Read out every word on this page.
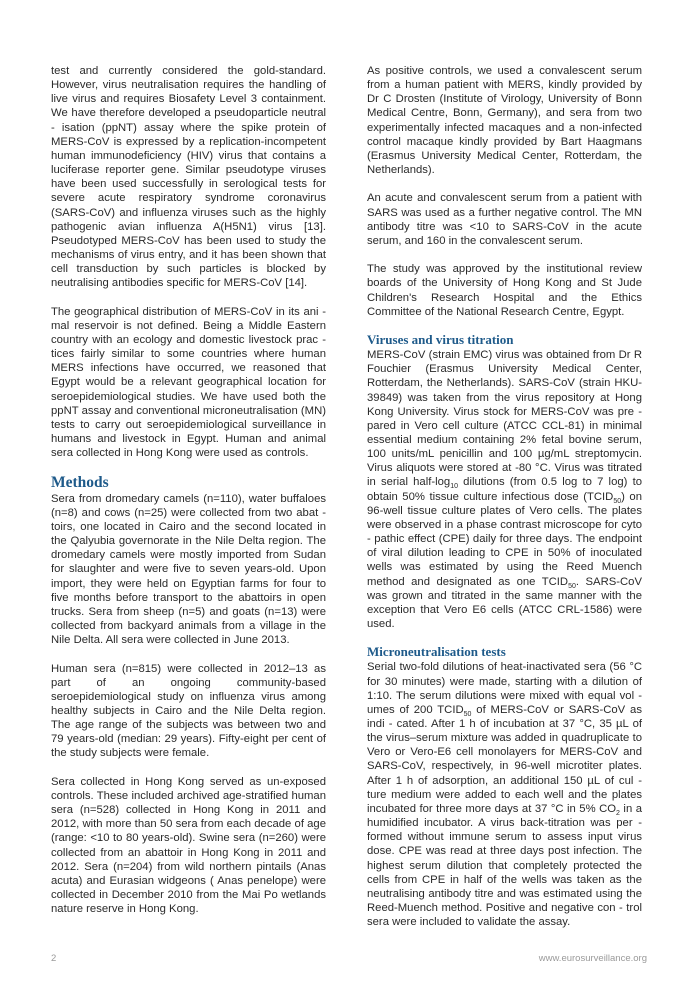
test and currently considered the gold-standard. However, virus neutralisation requires the handling of live virus and requires Biosafety Level 3 containment. We have therefore developed a pseudoparticle neutral - isation (ppNT) assay where the spike protein of MERS-CoV is expressed by a replication-incompetent human immunodeficiency (HIV) virus that contains a luciferase reporter gene. Similar pseudotype viruses have been used successfully in serological tests for severe acute respiratory syndrome coronavirus (SARS-CoV) and influenza viruses such as the highly pathogenic avian influenza A(H5N1) virus [13]. Pseudotyped MERS-CoV has been used to study the mechanisms of virus entry, and it has been shown that cell transduction by such particles is blocked by neutralising antibodies specific for MERS-CoV [14].

The geographical distribution of MERS-CoV in its ani - mal reservoir is not defined. Being a Middle Eastern country with an ecology and domestic livestock prac - tices fairly similar to some countries where human MERS infections have occurred, we reasoned that Egypt would be a relevant geographical location for seroepidemiological studies. We have used both the ppNT assay and conventional microneutralisation (MN) tests to carry out seroepidemiological surveillance in humans and livestock in Egypt. Human and animal sera collected in Hong Kong were used as controls.

Methods

Sera from dromedary camels (n=110), water buffaloes (n=8) and cows (n=25) were collected from two abat - toirs, one located in Cairo and the second located in the Qalyubia governorate in the Nile Delta region. The dromedary camels were mostly imported from Sudan for slaughter and were five to seven years-old. Upon import, they were held on Egyptian farms for four to five months before transport to the abattoirs in open trucks. Sera from sheep (n=5) and goats (n=13) were collected from backyard animals from a village in the Nile Delta. All sera were collected in June 2013.

Human sera (n=815) were collected in 2012–13 as part of an ongoing community-based seroepidemiological study on influenza virus among healthy subjects in Cairo and the Nile Delta region. The age range of the subjects was between two and 79 years-old (median: 29 years). Fifty-eight per cent of the study subjects were female.

Sera collected in Hong Kong served as un-exposed controls. These included archived age-stratified human sera (n=528) collected in Hong Kong in 2011 and 2012, with more than 50 sera from each decade of age (range: <10 to 80 years-old). Swine sera (n=260) were collected from an abattoir in Hong Kong in 2011 and 2012. Sera (n=204) from wild northern pintails (Anas acuta) and Eurasian widgeons ( Anas penelope) were collected in December 2010 from the Mai Po wetlands nature reserve in Hong Kong.

As positive controls, we used a convalescent serum from a human patient with MERS, kindly provided by Dr C Drosten (Institute of Virology, University of Bonn Medical Centre, Bonn, Germany), and sera from two experimentally infected macaques and a non-infected control macaque kindly provided by Bart Haagmans (Erasmus University Medical Center, Rotterdam, the Netherlands).

An acute and convalescent serum from a patient with SARS was used as a further negative control. The MN antibody titre was <10 to SARS-CoV in the acute serum, and 160 in the convalescent serum.

The study was approved by the institutional review boards of the University of Hong Kong and St Jude Children's Research Hospital and the Ethics Committee of the National Research Centre, Egypt.

Viruses and virus titration

MERS-CoV (strain EMC) virus was obtained from Dr R Fouchier (Erasmus University Medical Center, Rotterdam, the Netherlands). SARS-CoV (strain HKU-39849) was taken from the virus repository at Hong Kong University. Virus stock for MERS-CoV was pre - pared in Vero cell culture (ATCC CCL-81) in minimal essential medium containing 2% fetal bovine serum, 100 units/mL penicillin and 100 µg/mL streptomycin. Virus aliquots were stored at -80 °C. Virus was titrated in serial half-$\log_{10}$ dilutions (from 0.5 log to 7 log) to obtain 50% tissue culture infectious dose $(TCID_{50})$ on 96-well tissue culture plates of Vero cells. The plates were observed in a phase contrast microscope for cyto - pathic effect (CPE) daily for three days. The endpoint of viral dilution leading to CPE in 50% of inoculated wells was estimated by using the Reed Muench method and designated as one $TCID_{50}$. SARS-CoV was grown and titrated in the same manner with the exception that Vero E6 cells (ATCC CRL-1586) were used.

Microneutralisation tests

Serial two-fold dilutions of heat-inactivated sera (56 °C for 30 minutes) were made, starting with a dilution of 1:10. The serum dilutions were mixed with equal vol - umes of 200 $TCID_{50}$ of MERS-CoV or SARS-CoV as indi - cated. After 1 h of incubation at 37 °C, 35 µL of the virus–serum mixture was added in quadruplicate to Vero or Vero-E6 cell monolayers for MERS-CoV and SARS-CoV, respectively, in 96-well microtiter plates. After 1 h of adsorption, an additional 150 µL of cul - ture medium were added to each well and the plates incubated for three more days at 37 °C in 5% $CO_2$ in a humidified incubator. A virus back-titration was per - formed without immune serum to assess input virus dose. CPE was read at three days post infection. The highest serum dilution that completely protected the cells from CPE in half of the wells was taken as the neutralising antibody titre and was estimated using the Reed-Muench method. Positive and negative con - trol sera were included to validate the assay.

2	www.eurosurveillance.org
